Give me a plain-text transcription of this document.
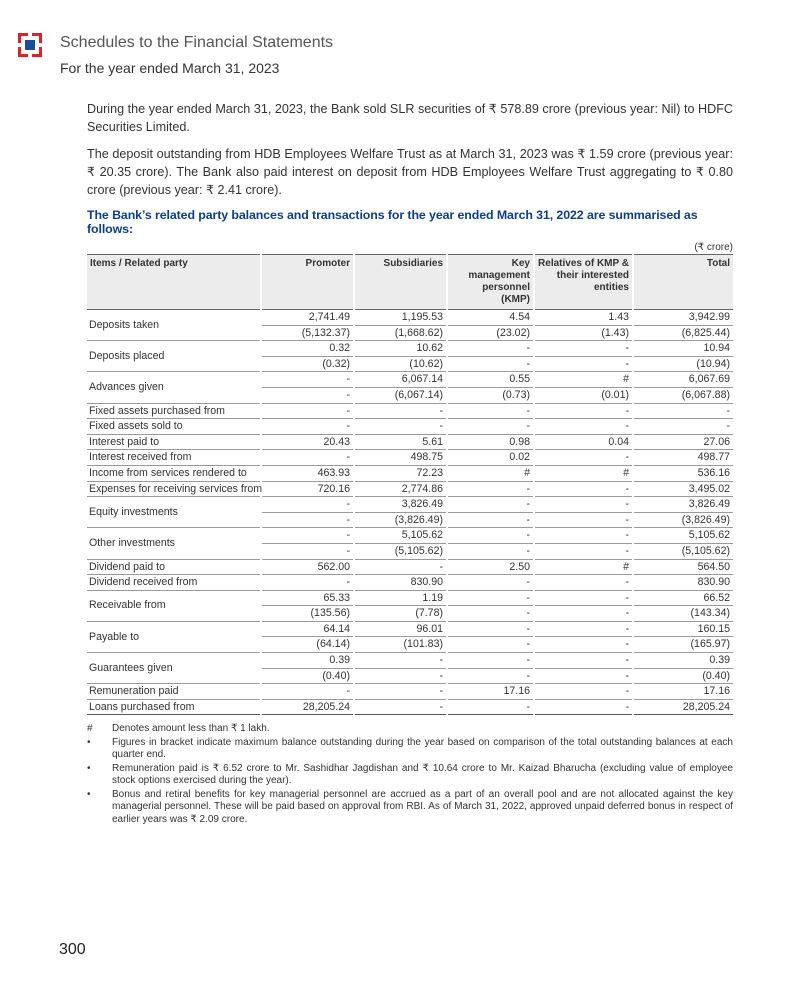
Schedules to the Financial Statements
For the year ended March 31, 2023

During the year ended March 31, 2023, the Bank sold SLR securities of ₹ 578.89 crore (previous year: Nil) to HDFC Securities Limited.

The deposit outstanding from HDB Employees Welfare Trust as at March 31, 2023 was ₹ 1.59 crore (previous year: ₹ 20.35 crore). The Bank also paid interest on deposit from HDB Employees Welfare Trust aggregating to ₹ 0.80 crore (previous year: ₹ 2.41 crore).

The Bank’s related party balances and transactions for the year ended March 31, 2022 are summarised as follows:

(₹ crore)
Items / Related party	Promoter	Subsidiaries	Key management personnel (KMP)	Relatives of KMP & their interested entities	Total
Deposits taken	2,741.49	1,195.53	4.54	1.43	3,942.99
	(5,132.37)	(1,668.62)	(23.02)	(1.43)	(6,825.44)
Deposits placed	0.32	10.62	-	-	10.94
	(0.32)	(10.62)	-	-	(10.94)
Advances given	-	6,067.14	0.55	#	6,067.69
	-	(6,067.14)	(0.73)	(0.01)	(6,067.88)
Fixed assets purchased from	-	-	-	-	-
Fixed assets sold to	-	-	-	-	-
Interest paid to	20.43	5.61	0.98	0.04	27.06
Interest received from	-	498.75	0.02	-	498.77
Income from services rendered to	463.93	72.23	#	#	536.16
Expenses for receiving services from	720.16	2,774.86	-	-	3,495.02
Equity investments	-	3,826.49	-	-	3,826.49
	-	(3,826.49)	-	-	(3,826.49)
Other investments	-	5,105.62	-	-	5,105.62
	-	(5,105.62)	-	-	(5,105.62)
Dividend paid to	562.00	-	2.50	#	564.50
Dividend received from	-	830.90	-	-	830.90
Receivable from	65.33	1.19	-	-	66.52
	(135.56)	(7.78)	-	-	(143.34)
Payable to	64.14	96.01	-	-	160.15
	(64.14)	(101.83)	-	-	(165.97)
Guarantees given	0.39	-	-	-	0.39
	(0.40)	-	-	-	(0.40)
Remuneration paid	-	-	17.16	-	17.16
Loans purchased from	28,205.24	-	-	-	28,205.24
#	Denotes amount less than ₹ 1 lakh.
•	Figures in bracket indicate maximum balance outstanding during the year based on comparison of the total outstanding balances at each quarter end.
•	Remuneration paid is ₹ 6.52 crore to Mr. Sashidhar Jagdishan and ₹ 10.64 crore to Mr. Kaizad Bharucha (excluding value of employee stock options exercised during the year).
•	Bonus and retiral benefits for key managerial personnel are accrued as a part of an overall pool and are not allocated against the key managerial personnel. These will be paid based on approval from RBI. As of March 31, 2022, approved unpaid deferred bonus in respect of earlier years was ₹ 2.09 crore.
300
